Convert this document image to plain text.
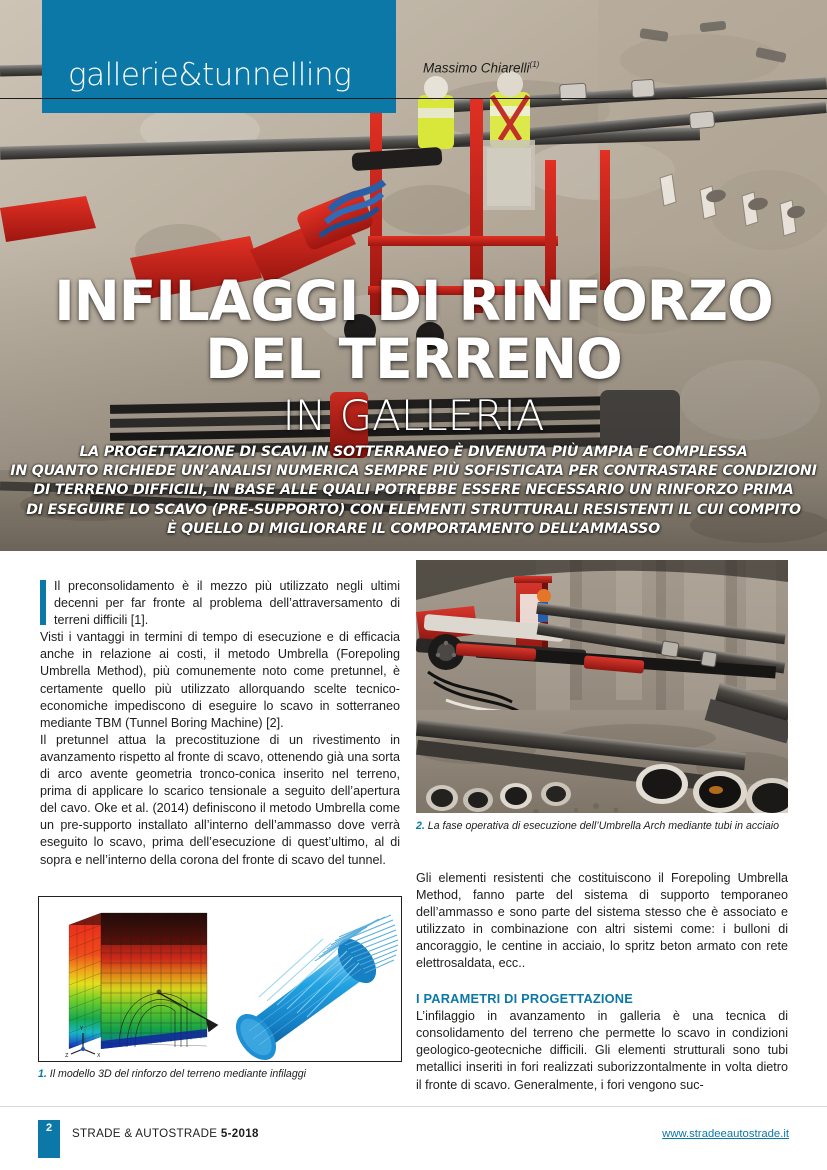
gallerie&tunnelling	Massimo Chiarelli$^{(1)}$
INFILAGGI DI RINFORZO
DEL TERRENO
IN GALLERIA
LA PROGETTAZIONE DI SCAVI IN SOTTERRANEO È DIVENUTA PIÙ AMPIA E COMPLESSA
IN QUANTO RICHIEDE UN’ANALISI NUMERICA SEMPRE PIÙ SOFISTICATA PER CONTRASTARE CONDIZIONI
DI TERRENO DIFFICILI, IN BASE ALLE QUALI POTREBBE ESSERE NECESSARIO UN RINFORZO PRIMA
DI ESEGUIRE LO SCAVO (PRE-SUPPORTO) CON ELEMENTI STRUTTURALI RESISTENTI IL CUI COMPITO
È QUELLO DI MIGLIORARE IL COMPORTAMENTO DELL’AMMASSO

Il preconsolidamento è il mezzo più utilizzato negli ultimi decenni per far fronte al problema dell’attraversamento di terreni difficili [1].

Visti i vantaggi in termini di tempo di esecuzione e di efficacia anche in relazione ai costi, il metodo Umbrella (Forepoling Umbrella Method), più comunemente noto come pretunnel, è certamente quello più utilizzato allorquando scelte tecnico-economiche impediscono di eseguire lo scavo in sotterraneo mediante TBM (Tunnel Boring Machine) [2].

Il pretunnel attua la precostituzione di un rivestimento in avanzamento rispetto al fronte di scavo, ottenendo già una sorta di arco avente geometria tronco-conica inserito nel terreno, prima di applicare lo scarico tensionale a seguito dell’apertura del cavo. Oke et al. (2014) definiscono il metodo Umbrella come un pre-supporto installato all’interno dell’ammasso dove verrà eseguito lo scavo, prima dell’esecuzione di quest’ultimo, al di sopra e nell’interno della corona del fronte di scavo del tunnel.

2. La fase operativa di esecuzione dell’Umbrella Arch mediante tubi in acciaio

Gli elementi resistenti che costituiscono il Forepoling Umbrella Method, fanno parte del sistema di supporto temporaneo dell’ammasso e sono parte del sistema stesso che è associato e utilizzato in combinazione con altri sistemi come: i bulloni di ancoraggio, le centine in acciaio, lo spritz beton armato con rete elettrosaldata, ecc..

I PARAMETRI DI PROGETTAZIONE

L’infilaggio in avanzamento in galleria è una tecnica di consolidamento del terreno che permette lo scavo in condizioni geologico-geotecniche difficili. Gli elementi strutturali sono tubi metallici inseriti in fori realizzati suborizzontalmente in volta dietro il fronte di scavo. Generalmente, i fori vengono suc-

Y
X
Z
1. Il modello 3D del rinforzo del terreno mediante infilaggi
2	STRADE & AUTOSTRADE 5-2018	www.stradeeautostrade.it
